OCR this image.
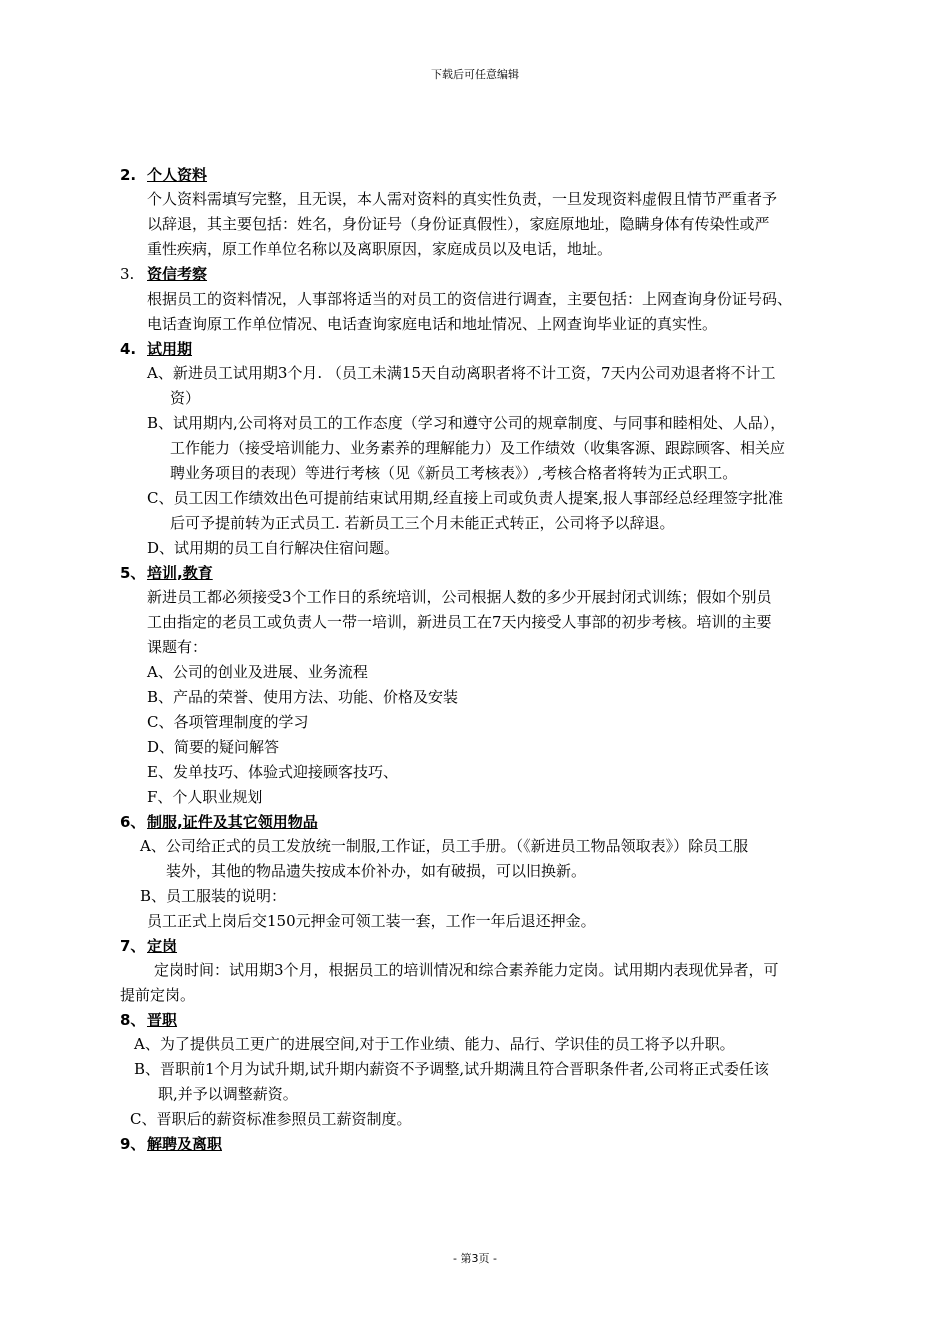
下载后可任意编辑
2. 个人资料
个人资料需填写完整，且无误，本人需对资料的真实性负责，一旦发现资料虚假且情节严重者予
以辞退，其主要包括：姓名，身份证号（身份证真假性），家庭原地址，隐瞒身体有传染性或严
重性疾病，原工作单位名称以及离职原因，家庭成员以及电话，地址。
3. 资信考察
根据员工的资料情况，人事部将适当的对员工的资信进行调查，主要包括：上网查询身份证号码、
电话查询原工作单位情况、电话查询家庭电话和地址情况、上网查询毕业证的真实性。
4. 试用期
A、新进员工试用期3个月. （员工未满15天自动离职者将不计工资，7天内公司劝退者将不计工
资）
B、试用期内,公司将对员工的工作态度（学习和遵守公司的规章制度、与同事和睦相处、人品），
工作能力（接受培训能力、业务素养的理解能力）及工作绩效（收集客源、跟踪顾客、相关应
聘业务项目的表现）等进行考核（见《新员工考核表》）,考核合格者将转为正式职工。
C、员工因工作绩效出色可提前结束试用期,经直接上司或负责人提案,报人事部经总经理签字批准
后可予提前转为正式员工. 若新员工三个月未能正式转正，公司将予以辞退。
D、试用期的员工自行解决住宿问题。
5、 培训,教育
新进员工都必须接受3个工作日的系统培训，公司根据人数的多少开展封闭式训练；假如个别员
工由指定的老员工或负责人一带一培训，新进员工在7天内接受人事部的初步考核。培训的主要
课题有：
A、公司的创业及进展、业务流程
B、产品的荣誉、使用方法、功能、价格及安装
C、各项管理制度的学习
D、简要的疑问解答
E、发单技巧、体验式迎接顾客技巧、
F、个人职业规划
6、 制服,证件及其它领用物品
A、公司给正式的员工发放统一制服,工作证，员工手册。（《新进员工物品领取表》）除员工服
装外，其他的物品遗失按成本价补办，如有破损，可以旧换新。
B、员工服装的说明：
员工正式上岗后交150元押金可领工装一套，工作一年后退还押金。
7、 定岗
定岗时间：试用期3个月，根据员工的培训情况和综合素养能力定岗。试用期内表现优异者，可
提前定岗。
8、 晋职
A、为了提供员工更广的进展空间,对于工作业绩、能力、品行、学识佳的员工将予以升职。
B、晋职前1个月为试升期,试升期内薪资不予调整,试升期满且符合晋职条件者,公司将正式委任该
职,并予以调整薪资。
C、晋职后的薪资标准参照员工薪资制度。
9、 解聘及离职
- 第3页 -
